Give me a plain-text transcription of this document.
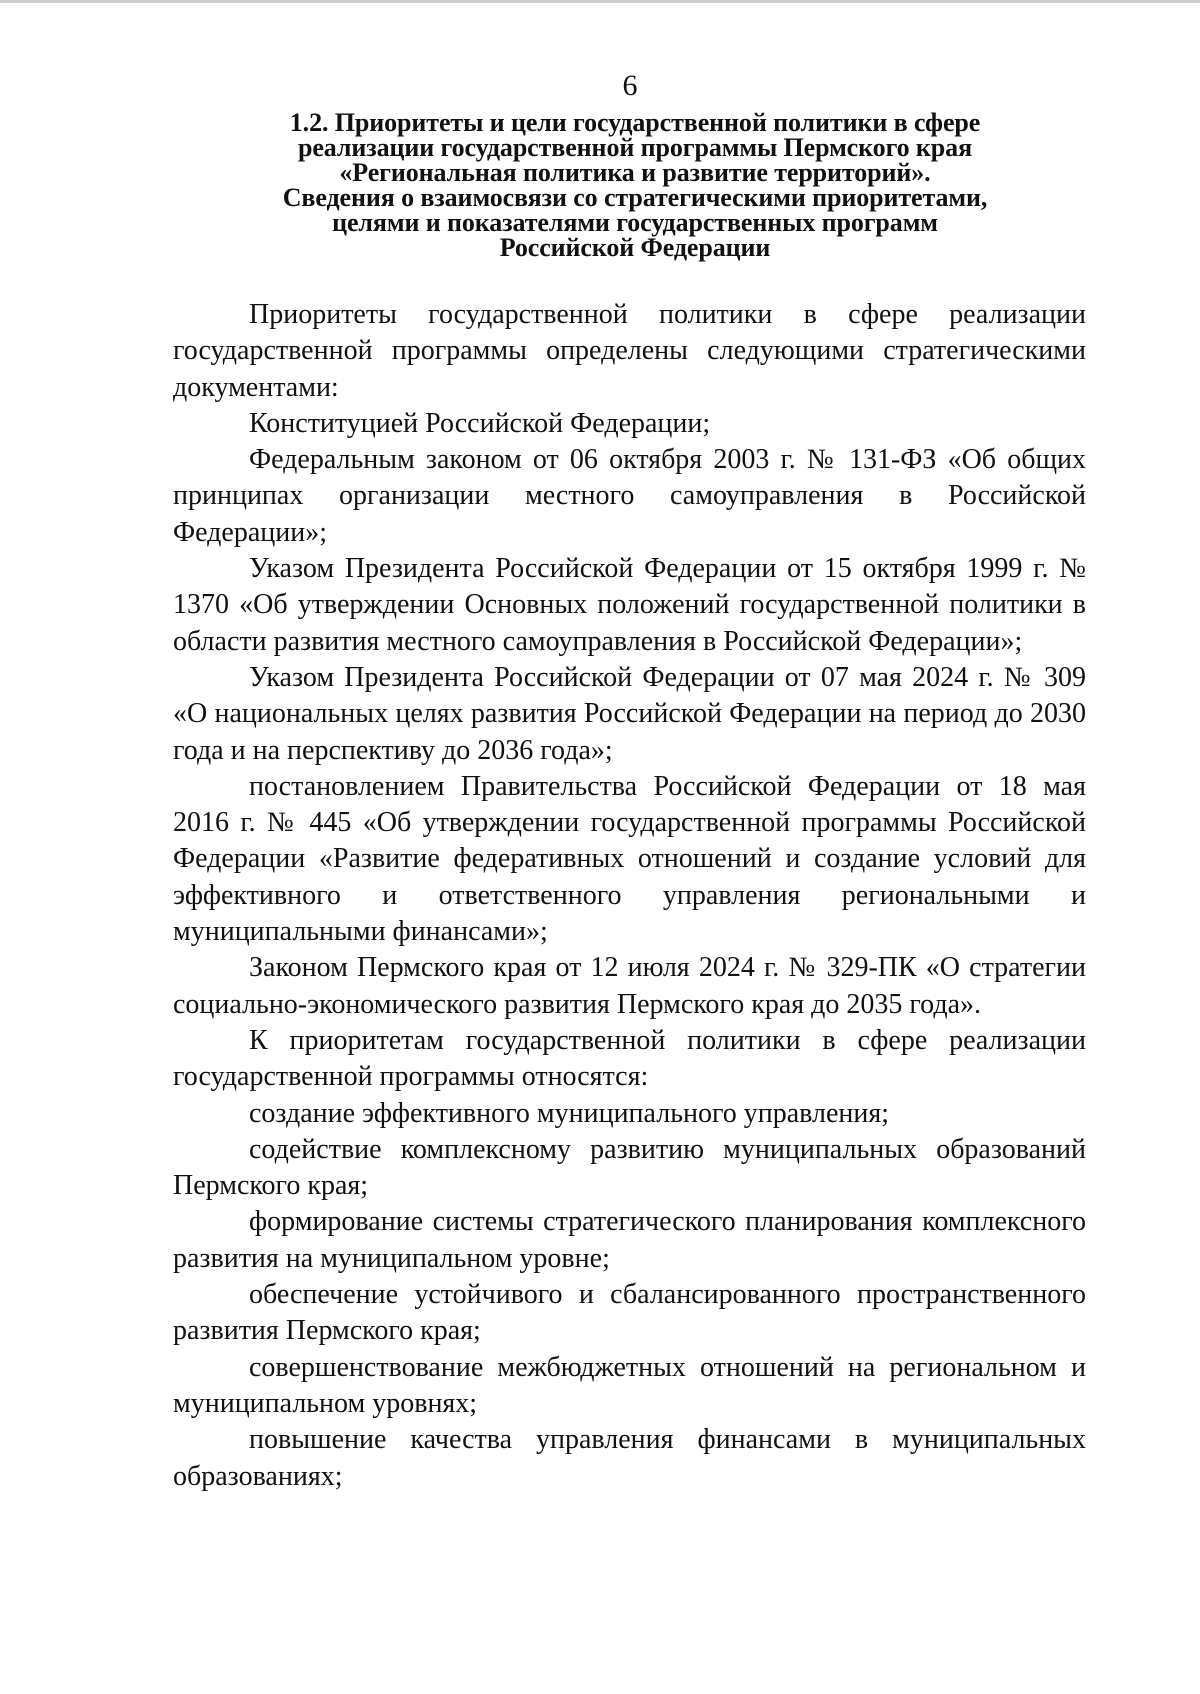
6
1.2. Приоритеты и цели государственной политики в сфере
реализации государственной программы Пермского края
«Региональная политика и развитие территорий».
Сведения о взаимосвязи со стратегическими приоритетами,
целями и показателями государственных программ
Российской Федерации

Приоритеты государственной политики в сфере реализации государственной программы определены следующими стратегическими документами:

Конституцией Российской Федерации;

Федеральным законом от 06 октября 2003 г. № 131-ФЗ «Об общих принципах организации местного самоуправления в Российской Федерации»;

Указом Президента Российской Федерации от 15 октября 1999 г. № 1370 «Об утверждении Основных положений государственной политики в области развития местного самоуправления в Российской Федерации»;

Указом Президента Российской Федерации от 07 мая 2024 г. № 309 «О национальных целях развития Российской Федерации на период до 2030 года и на перспективу до 2036 года»;

постановлением Правительства Российской Федерации от 18 мая 2016 г. № 445 «Об утверждении государственной программы Российской Федерации «Развитие федеративных отношений и создание условий для эффективного и ответственного управления региональными и муниципальными финансами»;

Законом Пермского края от 12 июля 2024 г. № 329-ПК «О стратегии социально-экономического развития Пермского края до 2035 года».

К приоритетам государственной политики в сфере реализации государственной программы относятся:

создание эффективного муниципального управления;

содействие комплексному развитию муниципальных образований Пермского края;

формирование системы стратегического планирования комплексного развития на муниципальном уровне;

обеспечение устойчивого и сбалансированного пространственного развития Пермского края;

совершенствование межбюджетных отношений на региональном и муниципальном уровнях;

повышение качества управления финансами в муниципальных образованиях;
